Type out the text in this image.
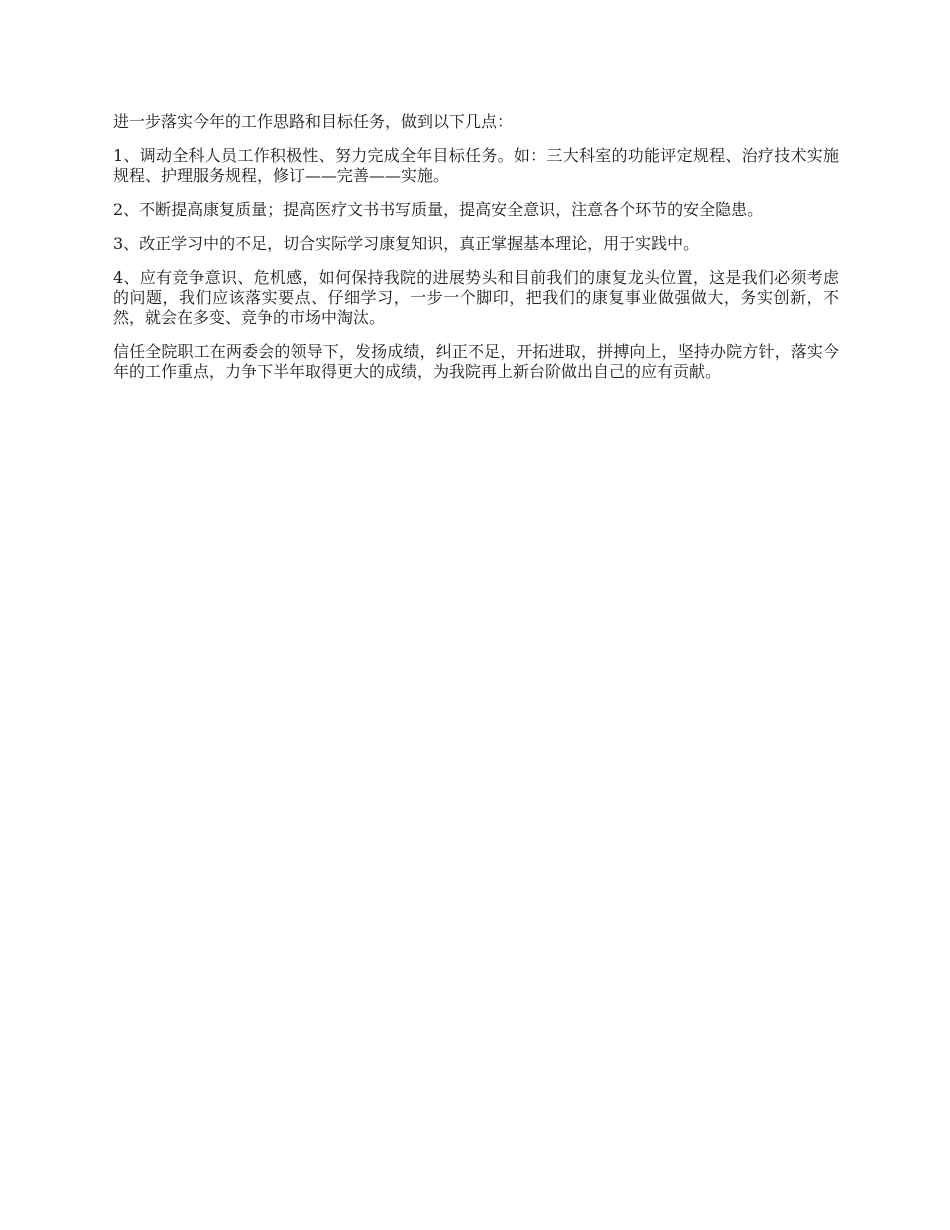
进一步落实今年的工作思路和目标任务，做到以下几点：

1、调动全科人员工作积极性、努力完成全年目标任务。如：三大科室的功能评定规程、治疗技术实施规程、护理服务规程，修订——完善——实施。

2、不断提高康复质量；提高医疗文书书写质量，提高安全意识，注意各个环节的安全隐患。

3、改正学习中的不足，切合实际学习康复知识，真正掌握基本理论，用于实践中。

4、应有竞争意识、危机感，如何保持我院的进展势头和目前我们的康复龙头位置，这是我们必须考虑的问题，我们应该落实要点、仔细学习，一步一个脚印，把我们的康复事业做强做大，务实创新，不然，就会在多变、竞争的市场中淘汰。

信任全院职工在两委会的领导下，发扬成绩，纠正不足，开拓进取，拼搏向上，坚持办院方针，落实今年的工作重点，力争下半年取得更大的成绩，为我院再上新台阶做出自己的应有贡献。
